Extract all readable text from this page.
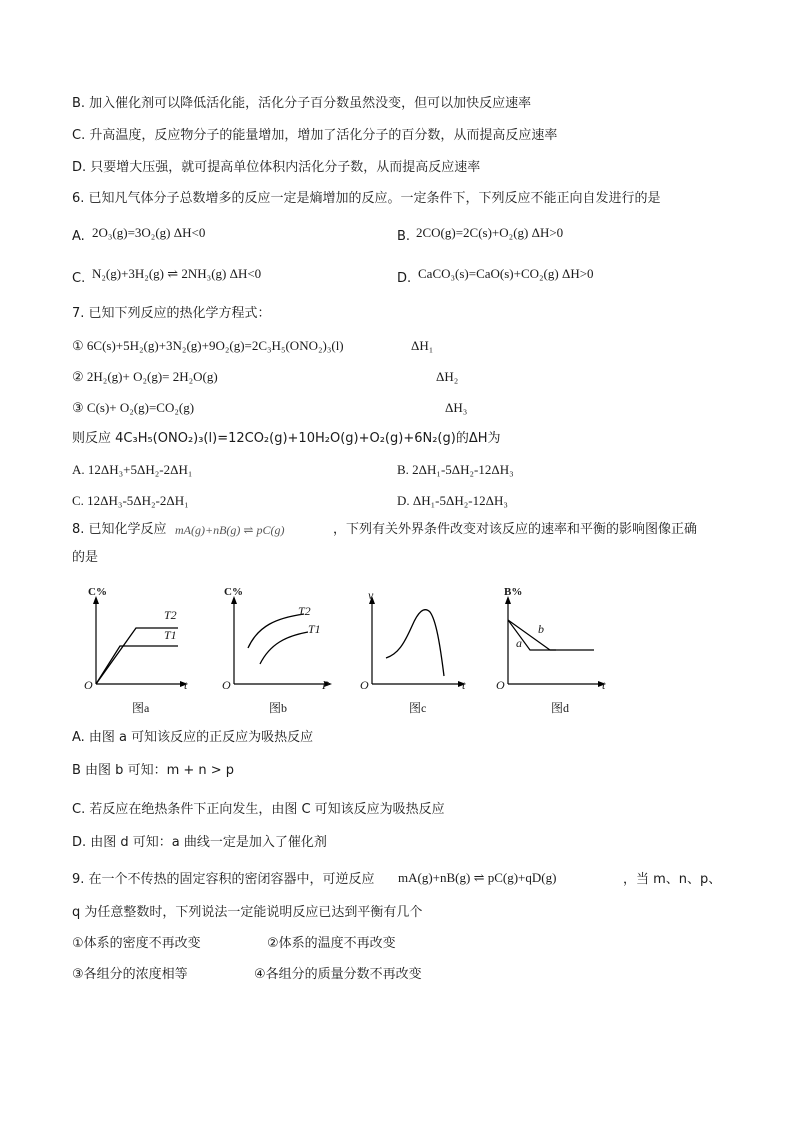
B. 加入催化剂可以降低活化能，活化分子百分数虽然没变，但可以加快反应速率
C. 升高温度，反应物分子的能量增加，增加了活化分子的百分数，从而提高反应速率
D. 只要增大压强，就可提高单位体积内活化分子数，从而提高反应速率
6. 已知凡气体分子总数增多的反应一定是熵增加的反应。一定条件下，下列反应不能正向自发进行的是
A. 2O₃(g)=3O₂(g) ΔH<0	B. 2CO(g)=2C(s)+O₂(g) ΔH>0
C. N₂(g)+3H₂(g) ⇌ 2NH₃(g) ΔH<0	D. CaCO₃(s)=CaO(s)+CO₂(g) ΔH>0
7. 已知下列反应的热化学方程式：
① 6C(s)+5H₂(g)+3N₂(g)+9O₂(g)=2C₃H₅(ONO₂)₃(l)	ΔH₁
② 2H₂(g)+ O₂(g)= 2H₂O(g)	ΔH₂
③ C(s)+ O₂(g)=CO₂(g)	ΔH₃
则反应 4C₃H₅(ONO₂)₃(l)=12CO₂(g)+10H₂O(g)+O₂(g)+6N₂(g)的ΔH为
A. 12ΔH₃+5ΔH₂-2ΔH₁	B. 2ΔH₁-5ΔH₂-12ΔH₃
C. 12ΔH₃-5ΔH₂-2ΔH₁	D. ΔH₁-5ΔH₂-12ΔH₃
8. 已知化学反应 mA(g)+nB(g) ⇌ pC(g)	，下列有关外界条件改变对该反应的速率和平衡的影响图像正确
的是
C%
O	t
T2
T1
图a
C%
O	P
T2
T1
图b
v
O	t
图c
B%
O	t
a
b
图d
A. 由图 a 可知该反应的正反应为吸热反应
B 由图 b 可知：m + n > p
C. 若反应在绝热条件下正向发生，由图 C 可知该反应为吸热反应
D. 由图 d 可知：a 曲线一定是加入了催化剂
9. 在一个不传热的固定容积的密闭容器中，可逆反应 mA(g)+nB(g) ⇌ pC(g)+qD(g)	，当 m、n、p、
q 为任意整数时，下列说法一定能说明反应已达到平衡有几个
①体系的密度不再改变	②体系的温度不再改变
③各组分的浓度相等	④各组分的质量分数不再改变
